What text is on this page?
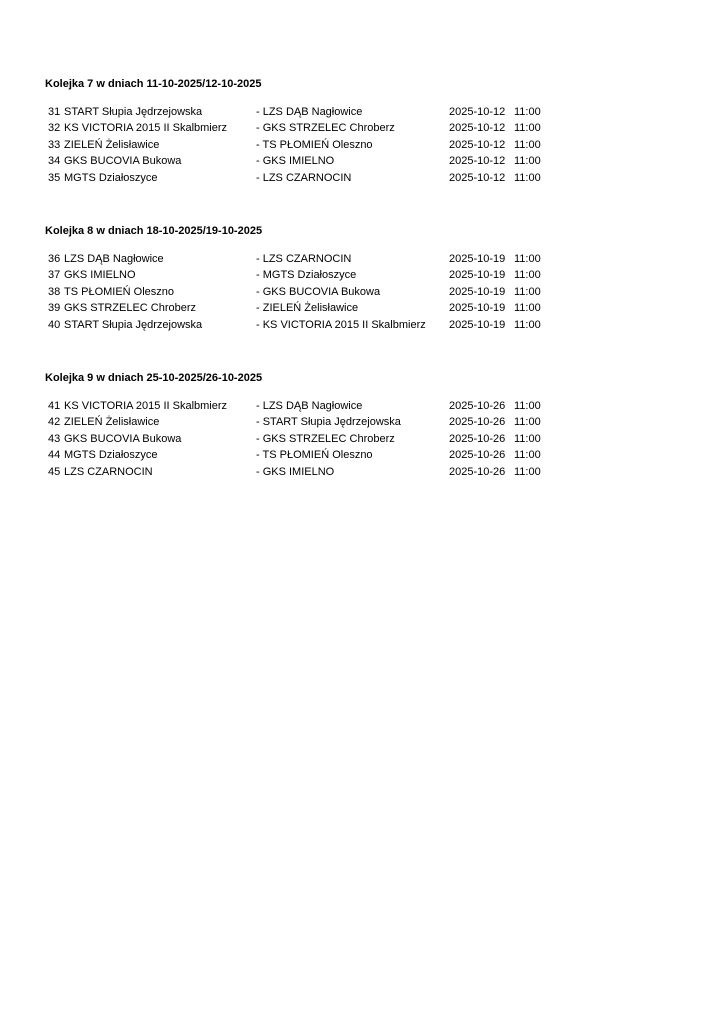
Kolejka 7 w dniach 11-10-2025/12-10-2025
31 START Słupia Jędrzejowska	- LZS DĄB Nagłowice	2025-10-12 11:00
32 KS VICTORIA 2015 II Skalbmierz	- GKS STRZELEC Chroberz	2025-10-12 11:00
33 ZIELEŃ Żelisławice	- TS PŁOMIEŃ Oleszno	2025-10-12 11:00
34 GKS BUCOVIA Bukowa	- GKS IMIELNO	2025-10-12 11:00
35 MGTS Działoszyce	- LZS CZARNOCIN	2025-10-12 11:00
Kolejka 8 w dniach 18-10-2025/19-10-2025
36 LZS DĄB Nagłowice	- LZS CZARNOCIN	2025-10-19 11:00
37 GKS IMIELNO	- MGTS Działoszyce	2025-10-19 11:00
38 TS PŁOMIEŃ Oleszno	- GKS BUCOVIA Bukowa	2025-10-19 11:00
39 GKS STRZELEC Chroberz	- ZIELEŃ Żelisławice	2025-10-19 11:00
40 START Słupia Jędrzejowska	- KS VICTORIA 2015 II Skalbmierz 2025-10-19 11:00
Kolejka 9 w dniach 25-10-2025/26-10-2025
41 KS VICTORIA 2015 II Skalbmierz	- LZS DĄB Nagłowice	2025-10-26 11:00
42 ZIELEŃ Żelisławice	- START Słupia Jędrzejowska	2025-10-26 11:00
43 GKS BUCOVIA Bukowa	- GKS STRZELEC Chroberz	2025-10-26 11:00
44 MGTS Działoszyce	- TS PŁOMIEŃ Oleszno	2025-10-26 11:00
45 LZS CZARNOCIN	- GKS IMIELNO	2025-10-26 11:00
